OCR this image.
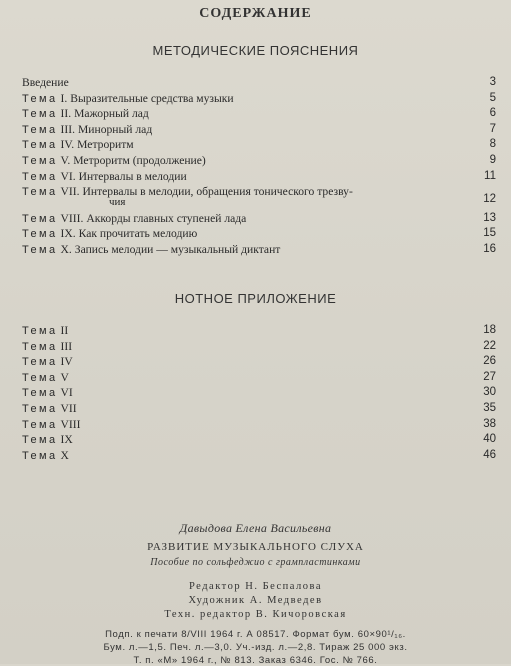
СОДЕРЖАНИЕ
МЕТОДИЧЕСКИЕ ПОЯСНЕНИЯ
Введение	3
Тема I. Выразительные средства музыки	5
Тема II. Мажорный лад	6
Тема III. Минорный лад	7
Тема IV. Метроритм	8
Тема V. Метроритм (продолжение)	9
Тема VI. Интервалы в мелодии	11
Тема VII. Интервалы в мелодии, обращения тонического трезву-
чия	12
Тема VIII. Аккорды главных ступеней лада	13
Тема IX. Как прочитать мелодию	15
Тема X. Запись мелодии — музыкальный диктант	16
НОТНОЕ ПРИЛОЖЕНИЕ
Тема II	18
Тема III	22
Тема IV	26
Тема V	27
Тема VI	30
Тема VII	35
Тема VIII	38
Тема IX	40
Тема X	46
Давыдова Елена Васильевна
РАЗВИТИЕ МУЗЫКАЛЬНОГО СЛУХА
Пособие по сольфеджио с грампластинками
Редактор Н. Беспалова
Художник А. Медведев
Техн. редактор В. Кичоровская
Подп. к печати 8/VIII 1964 г. А 08517. Формат бум. 60×90¹/₁₆.
Бум. л.—1,5. Печ. л.—3,0. Уч.-изд. л.—2,8. Тираж 25 000 экз.
Т. п. «М» 1964 г., № 813. Заказ 6346. Гос. № 766.
